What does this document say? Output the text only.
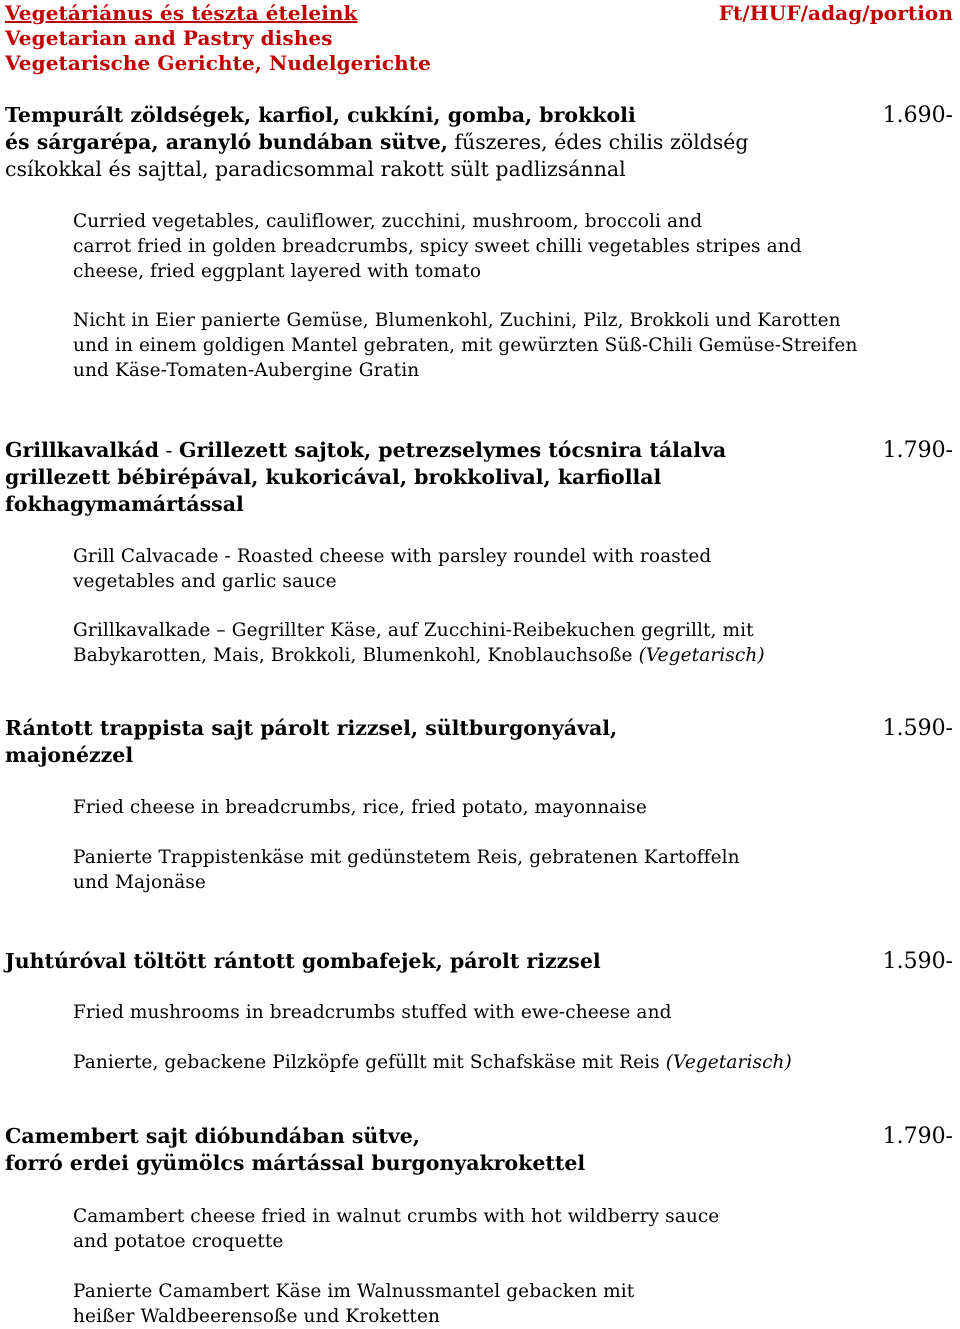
Vegetáriánus és tészta ételeink
Vegetarian and Pastry dishes
Vegetarische Gerichte, Nudelgerichte
Ft/HUF/adag/portion
Tempurált zöldségek, karfiol, cukkíni, gomba, brokkoli	1.690-
és sárgarépa, aranyló bundában sütve, fűszeres, édes chilis zöldség
csíkokkal és sajttal, paradicsommal rakott sült padlizsánnal
Curried vegetables, cauliflower, zucchini, mushroom, broccoli and
carrot fried in golden breadcrumbs, spicy sweet chilli vegetables stripes and
cheese, fried eggplant layered with tomato
Nicht in Eier panierte Gemüse, Blumenkohl, Zuchini, Pilz, Brokkoli und Karotten
und in einem goldigen Mantel gebraten, mit gewürzten Süß-Chili Gemüse-Streifen
und Käse-Tomaten-Aubergine Gratin
Grillkavalkád - Grillezett sajtok, petrezselymes tócsnira tálalva	1.790-
grillezett bébirépával, kukoricával, brokkolival, karfiollal
fokhagymamártással
Grill Calvacade - Roasted cheese with parsley roundel with roasted
vegetables and garlic sauce
Grillkavalkade – Gegrillter Käse, auf Zucchini-Reibekuchen gegrillt, mit
Babykarotten, Mais, Brokkoli, Blumenkohl, Knoblauchsoße (Vegetarisch)
Rántott trappista sajt párolt rizzsel, sültburgonyával,	1.590-
majonézzel
Fried cheese in breadcrumbs, rice, fried potato, mayonnaise
Panierte Trappistenkäse mit gedünstetem Reis, gebratenen Kartoffeln
und Majonäse
Juhtúróval töltött rántott gombafejek, párolt rizzsel	1.590-
Fried mushrooms in breadcrumbs stuffed with ewe-cheese and
Panierte, gebackene Pilzköpfe gefüllt mit Schafskäse mit Reis (Vegetarisch)
Camembert sajt dióbundában sütve,	1.790-
forró erdei gyümölcs mártással burgonyakrokettel
Camambert cheese fried in walnut crumbs with hot wildberry sauce
and potatoe croquette
Panierte Camambert Käse im Walnussmantel gebacken mit
heißer Waldbeerensoße und Kroketten
